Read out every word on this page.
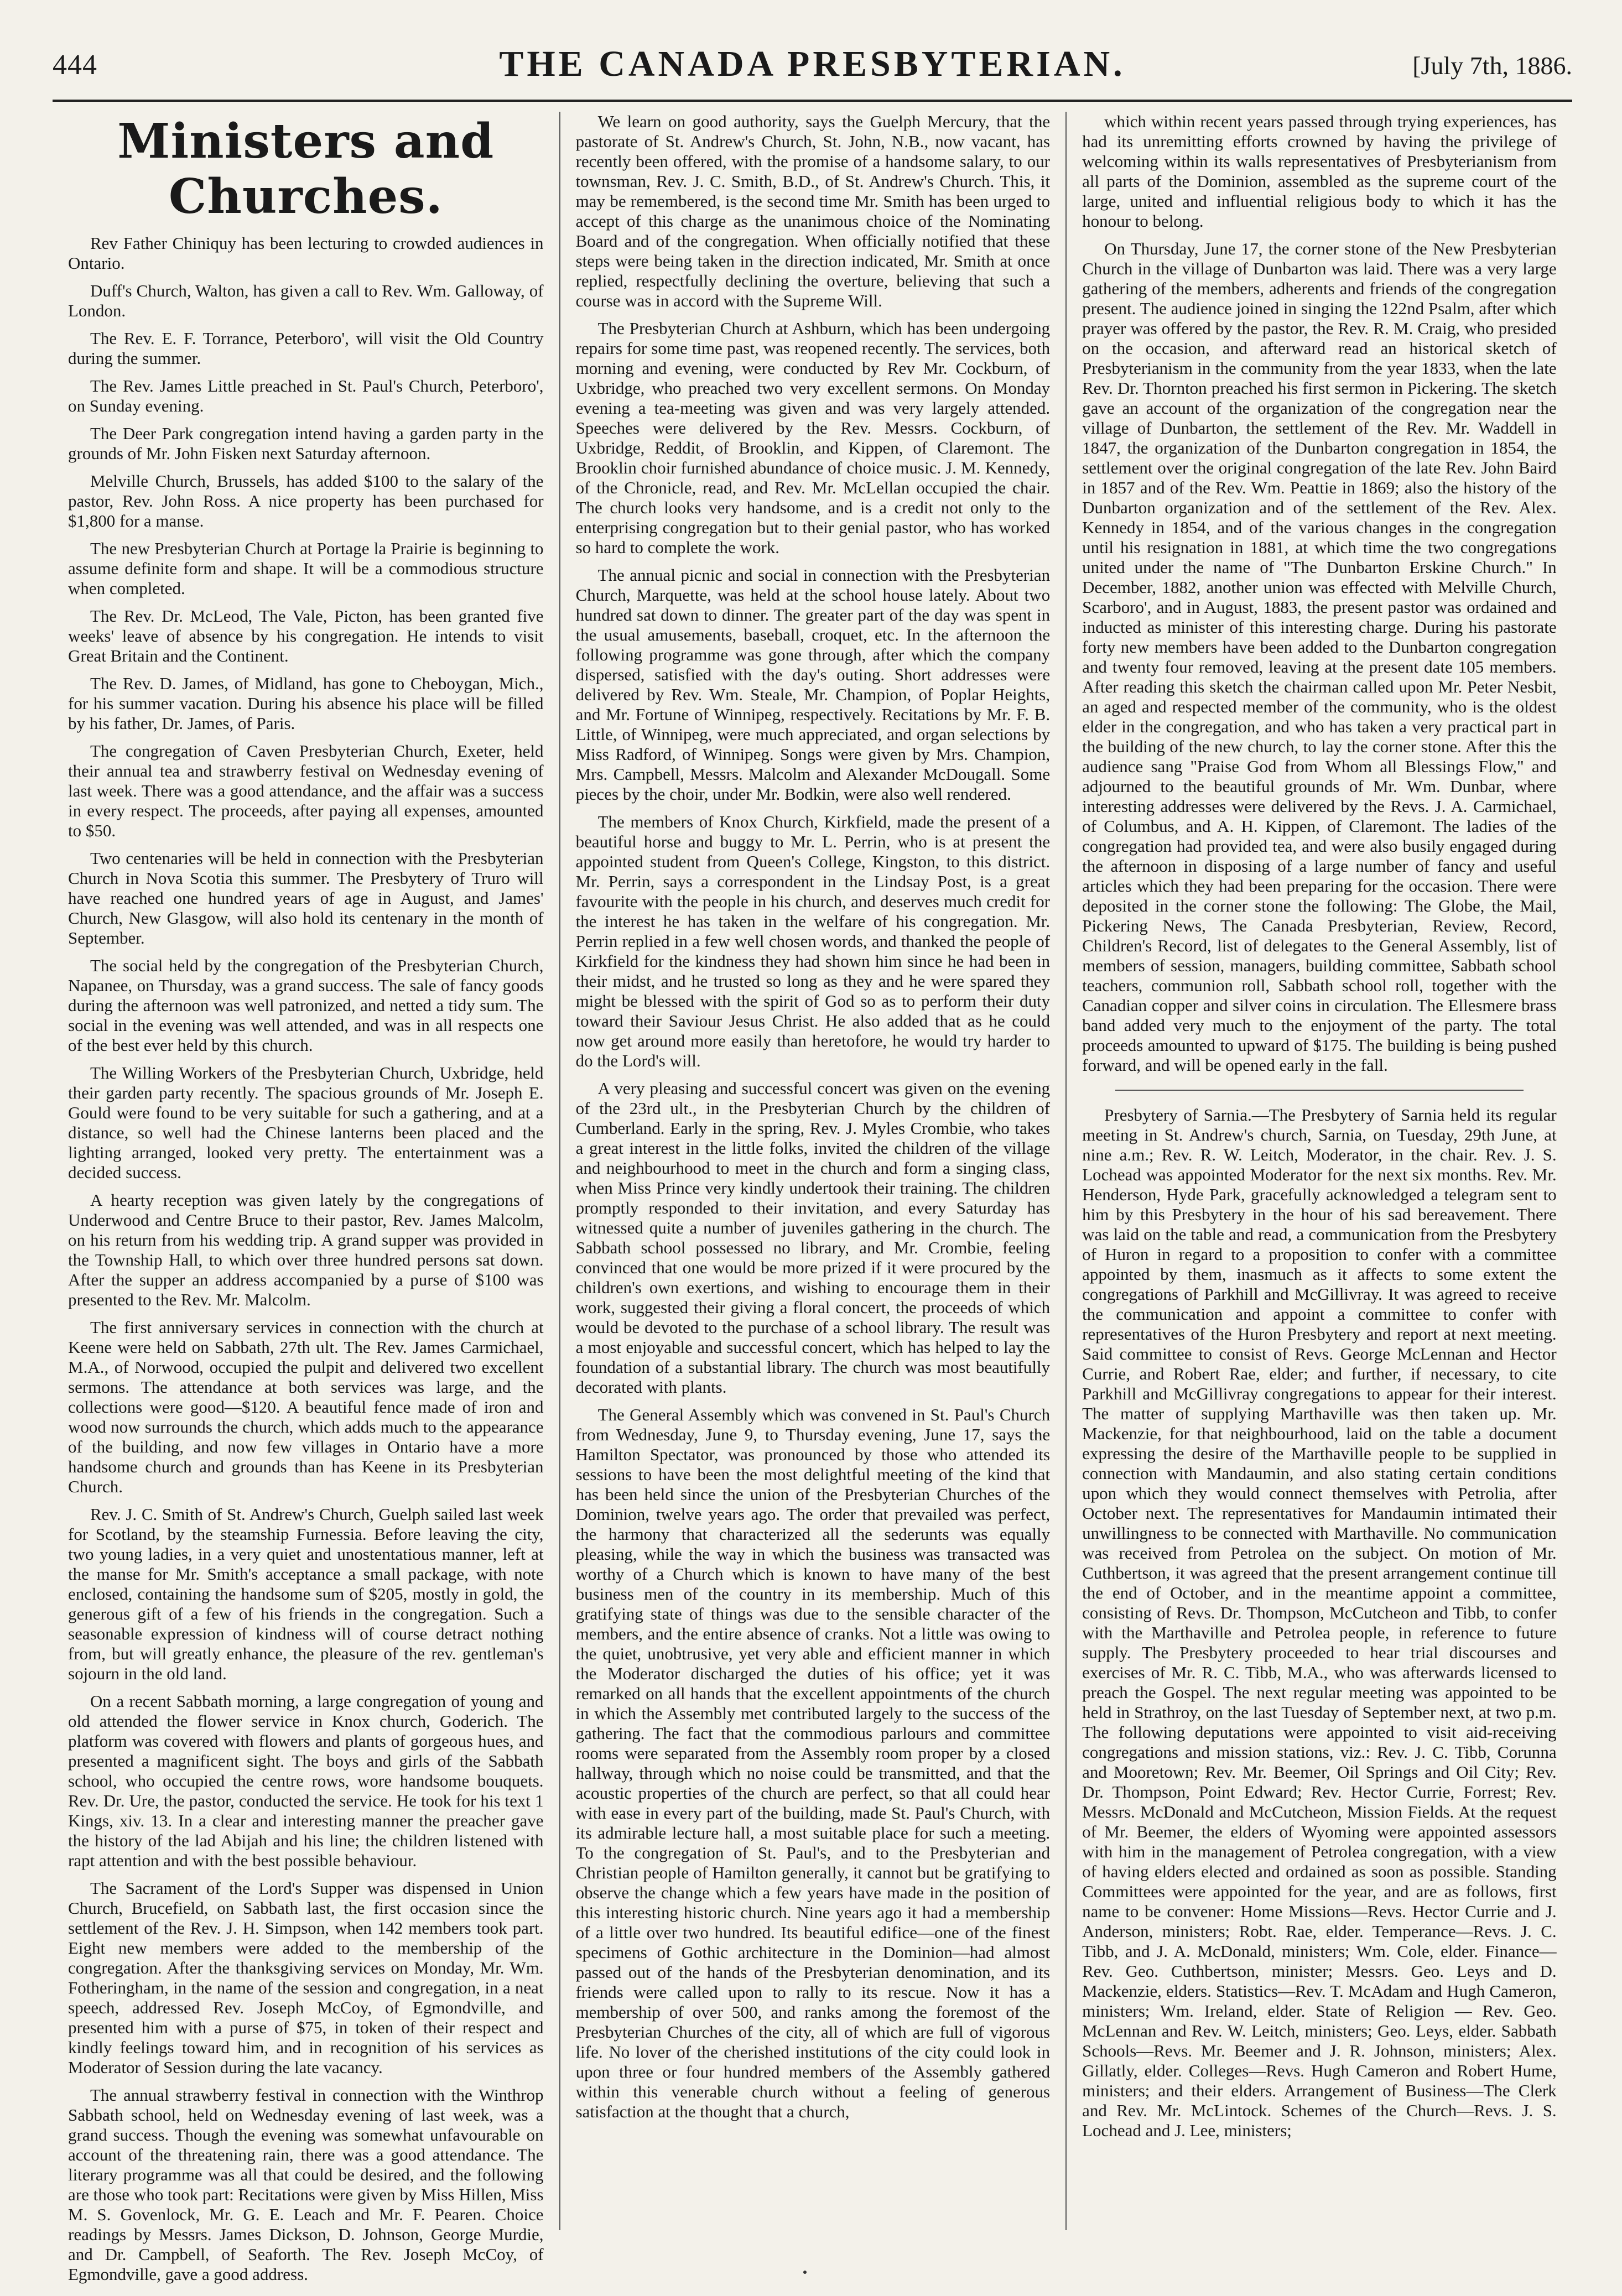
444	THE CANADA PRESBYTERIAN.	[July 7th, 1886.
Ministers and Churches.

Rev Father Chiniquy has been lecturing to crowded audiences in Ontario.

Duff's Church, Walton, has given a call to Rev. Wm. Galloway, of London.

The Rev. E. F. Torrance, Peterboro', will visit the Old Country during the summer.

The Rev. James Little preached in St. Paul's Church, Peterboro', on Sunday evening.

The Deer Park congregation intend having a garden party in the grounds of Mr. John Fisken next Saturday afternoon.

Melville Church, Brussels, has added $100 to the salary of the pastor, Rev. John Ross. A nice property has been purchased for $1,800 for a manse.

The new Presbyterian Church at Portage la Prairie is beginning to assume definite form and shape. It will be a commodious structure when completed.

The Rev. Dr. McLeod, The Vale, Picton, has been granted five weeks' leave of absence by his congregation. He intends to visit Great Britain and the Continent.

The Rev. D. James, of Midland, has gone to Cheboygan, Mich., for his summer vacation. During his absence his place will be filled by his father, Dr. James, of Paris.

The congregation of Caven Presbyterian Church, Exeter, held their annual tea and strawberry festival on Wednesday evening of last week. There was a good attendance, and the affair was a success in every respect. The proceeds, after paying all expenses, amounted to $50.

Two centenaries will be held in connection with the Presbyterian Church in Nova Scotia this summer. The Presbytery of Truro will have reached one hundred years of age in August, and James' Church, New Glasgow, will also hold its centenary in the month of September.

The social held by the congregation of the Presbyterian Church, Napanee, on Thursday, was a grand success. The sale of fancy goods during the afternoon was well patronized, and netted a tidy sum. The social in the evening was well attended, and was in all respects one of the best ever held by this church.

The Willing Workers of the Presbyterian Church, Uxbridge, held their garden party recently. The spacious grounds of Mr. Joseph E. Gould were found to be very suitable for such a gathering, and at a distance, so well had the Chinese lanterns been placed and the lighting arranged, looked very pretty. The entertainment was a decided success.

A hearty reception was given lately by the congregations of Underwood and Centre Bruce to their pastor, Rev. James Malcolm, on his return from his wedding trip. A grand supper was provided in the Township Hall, to which over three hundred persons sat down. After the supper an address accompanied by a purse of $100 was presented to the Rev. Mr. Malcolm.

The first anniversary services in connection with the church at Keene were held on Sabbath, 27th ult. The Rev. James Carmichael, M.A., of Norwood, occupied the pulpit and delivered two excellent sermons. The attendance at both services was large, and the collections were good—$120. A beautiful fence made of iron and wood now surrounds the church, which adds much to the appearance of the building, and now few villages in Ontario have a more handsome church and grounds than has Keene in its Presbyterian Church.

Rev. J. C. Smith of St. Andrew's Church, Guelph sailed last week for Scotland, by the steamship Furnessia. Before leaving the city, two young ladies, in a very quiet and unostentatious manner, left at the manse for Mr. Smith's acceptance a small package, with note enclosed, containing the handsome sum of $205, mostly in gold, the generous gift of a few of his friends in the congregation. Such a seasonable expression of kindness will of course detract nothing from, but will greatly enhance, the pleasure of the rev. gentleman's sojourn in the old land.

On a recent Sabbath morning, a large congregation of young and old attended the flower service in Knox church, Goderich. The platform was covered with flowers and plants of gorgeous hues, and presented a magnificent sight. The boys and girls of the Sabbath school, who occupied the centre rows, wore handsome bouquets. Rev. Dr. Ure, the pastor, conducted the service. He took for his text 1 Kings, xiv. 13. In a clear and interesting manner the preacher gave the history of the lad Abijah and his line; the children listened with rapt attention and with the best possible behaviour.

The Sacrament of the Lord's Supper was dispensed in Union Church, Brucefield, on Sabbath last, the first occasion since the settlement of the Rev. J. H. Simpson, when 142 members took part. Eight new members were added to the membership of the congregation. After the thanksgiving services on Monday, Mr. Wm. Fotheringham, in the name of the session and congregation, in a neat speech, addressed Rev. Joseph McCoy, of Egmondville, and presented him with a purse of $75, in token of their respect and kindly feelings toward him, and in recognition of his services as Moderator of Session during the late vacancy.

The annual strawberry festival in connection with the Winthrop Sabbath school, held on Wednesday evening of last week, was a grand success. Though the evening was somewhat unfavourable on account of the threatening rain, there was a good attendance. The literary programme was all that could be desired, and the following are those who took part: Recitations were given by Miss Hillen, Miss M. S. Govenlock, Mr. G. E. Leach and Mr. F. Pearen. Choice readings by Messrs. James Dickson, D. Johnson, George Murdie, and Dr. Campbell, of Seaforth. The Rev. Joseph McCoy, of Egmondville, gave a good address.

We learn on good authority, says the Guelph Mercury, that the pastorate of St. Andrew's Church, St. John, N.B., now vacant, has recently been offered, with the promise of a handsome salary, to our townsman, Rev. J. C. Smith, B.D., of St. Andrew's Church. This, it may be remembered, is the second time Mr. Smith has been urged to accept of this charge as the unanimous choice of the Nominating Board and of the congregation. When officially notified that these steps were being taken in the direction indicated, Mr. Smith at once replied, respectfully declining the overture, believing that such a course was in accord with the Supreme Will.

The Presbyterian Church at Ashburn, which has been undergoing repairs for some time past, was reopened recently. The services, both morning and evening, were conducted by Rev Mr. Cockburn, of Uxbridge, who preached two very excellent sermons. On Monday evening a tea-meeting was given and was very largely attended. Speeches were delivered by the Rev. Messrs. Cockburn, of Uxbridge, Reddit, of Brooklin, and Kippen, of Claremont. The Brooklin choir furnished abundance of choice music. J. M. Kennedy, of the Chronicle, read, and Rev. Mr. McLellan occupied the chair. The church looks very handsome, and is a credit not only to the enterprising congregation but to their genial pastor, who has worked so hard to complete the work.

The annual picnic and social in connection with the Presbyterian Church, Marquette, was held at the school house lately. About two hundred sat down to dinner. The greater part of the day was spent in the usual amusements, baseball, croquet, etc. In the afternoon the following programme was gone through, after which the company dispersed, satisfied with the day's outing. Short addresses were delivered by Rev. Wm. Steale, Mr. Champion, of Poplar Heights, and Mr. Fortune of Winnipeg, respectively. Recitations by Mr. F. B. Little, of Winnipeg, were much appreciated, and organ selections by Miss Radford, of Winnipeg. Songs were given by Mrs. Champion, Mrs. Campbell, Messrs. Malcolm and Alexander McDougall. Some pieces by the choir, under Mr. Bodkin, were also well rendered.

The members of Knox Church, Kirkfield, made the present of a beautiful horse and buggy to Mr. L. Perrin, who is at present the appointed student from Queen's College, Kingston, to this district. Mr. Perrin, says a correspondent in the Lindsay Post, is a great favourite with the people in his church, and deserves much credit for the interest he has taken in the welfare of his congregation. Mr. Perrin replied in a few well chosen words, and thanked the people of Kirkfield for the kindness they had shown him since he had been in their midst, and he trusted so long as they and he were spared they might be blessed with the spirit of God so as to perform their duty toward their Saviour Jesus Christ. He also added that as he could now get around more easily than heretofore, he would try harder to do the Lord's will.

A very pleasing and successful concert was given on the evening of the 23rd ult., in the Presbyterian Church by the children of Cumberland. Early in the spring, Rev. J. Myles Crombie, who takes a great interest in the little folks, invited the children of the village and neighbourhood to meet in the church and form a singing class, when Miss Prince very kindly undertook their training. The children promptly responded to their invitation, and every Saturday has witnessed quite a number of juveniles gathering in the church. The Sabbath school possessed no library, and Mr. Crombie, feeling convinced that one would be more prized if it were procured by the children's own exertions, and wishing to encourage them in their work, suggested their giving a floral concert, the proceeds of which would be devoted to the purchase of a school library. The result was a most enjoyable and successful concert, which has helped to lay the foundation of a substantial library. The church was most beautifully decorated with plants.

The General Assembly which was convened in St. Paul's Church from Wednesday, June 9, to Thursday evening, June 17, says the Hamilton Spectator, was pronounced by those who attended its sessions to have been the most delightful meeting of the kind that has been held since the union of the Presbyterian Churches of the Dominion, twelve years ago. The order that prevailed was perfect, the harmony that characterized all the sederunts was equally pleasing, while the way in which the business was transacted was worthy of a Church which is known to have many of the best business men of the country in its membership. Much of this gratifying state of things was due to the sensible character of the members, and the entire absence of cranks. Not a little was owing to the quiet, unobtrusive, yet very able and efficient manner in which the Moderator discharged the duties of his office; yet it was remarked on all hands that the excellent appointments of the church in which the Assembly met contributed largely to the success of the gathering. The fact that the commodious parlours and committee rooms were separated from the Assembly room proper by a closed hallway, through which no noise could be transmitted, and that the acoustic properties of the church are perfect, so that all could hear with ease in every part of the building, made St. Paul's Church, with its admirable lecture hall, a most suitable place for such a meeting. To the congregation of St. Paul's, and to the Presbyterian and Christian people of Hamilton generally, it cannot but be gratifying to observe the change which a few years have made in the position of this interesting historic church. Nine years ago it had a membership of a little over two hundred. Its beautiful edifice—one of the finest specimens of Gothic architecture in the Dominion—had almost passed out of the hands of the Presbyterian denomination, and its friends were called upon to rally to its rescue. Now it has a membership of over 500, and ranks among the foremost of the Presbyterian Churches of the city, all of which are full of vigorous life. No lover of the cherished institutions of the city could look in upon three or four hundred members of the Assembly gathered within this venerable church without a feeling of generous satisfaction at the thought that a church,

which within recent years passed through trying experiences, has had its unremitting efforts crowned by having the privilege of welcoming within its walls representatives of Presbyterianism from all parts of the Dominion, assembled as the supreme court of the large, united and influential religious body to which it has the honour to belong.

On Thursday, June 17, the corner stone of the New Presbyterian Church in the village of Dunbarton was laid. There was a very large gathering of the members, adherents and friends of the congregation present. The audience joined in singing the 122nd Psalm, after which prayer was offered by the pastor, the Rev. R. M. Craig, who presided on the occasion, and afterward read an historical sketch of Presbyterianism in the community from the year 1833, when the late Rev. Dr. Thornton preached his first sermon in Pickering. The sketch gave an account of the organization of the congregation near the village of Dunbarton, the settlement of the Rev. Mr. Waddell in 1847, the organization of the Dunbarton congregation in 1854, the settlement over the original congregation of the late Rev. John Baird in 1857 and of the Rev. Wm. Peattie in 1869; also the history of the Dunbarton organization and of the settlement of the Rev. Alex. Kennedy in 1854, and of the various changes in the congregation until his resignation in 1881, at which time the two congregations united under the name of "The Dunbarton Erskine Church." In December, 1882, another union was effected with Melville Church, Scarboro', and in August, 1883, the present pastor was ordained and inducted as minister of this interesting charge. During his pastorate forty new members have been added to the Dunbarton congregation and twenty four removed, leaving at the present date 105 members. After reading this sketch the chairman called upon Mr. Peter Nesbit, an aged and respected member of the community, who is the oldest elder in the congregation, and who has taken a very practical part in the building of the new church, to lay the corner stone. After this the audience sang "Praise God from Whom all Blessings Flow," and adjourned to the beautiful grounds of Mr. Wm. Dunbar, where interesting addresses were delivered by the Revs. J. A. Carmichael, of Columbus, and A. H. Kippen, of Claremont. The ladies of the congregation had provided tea, and were also busily engaged during the afternoon in disposing of a large number of fancy and useful articles which they had been preparing for the occasion. There were deposited in the corner stone the following: The Globe, the Mail, Pickering News, The Canada Presbyterian, Review, Record, Children's Record, list of delegates to the General Assembly, list of members of session, managers, building committee, Sabbath school teachers, communion roll, Sabbath school roll, together with the Canadian copper and silver coins in circulation. The Ellesmere brass band added very much to the enjoyment of the party. The total proceeds amounted to upward of $175. The building is being pushed forward, and will be opened early in the fall.

Presbytery of Sarnia.—The Presbytery of Sarnia held its regular meeting in St. Andrew's church, Sarnia, on Tuesday, 29th June, at nine a.m.; Rev. R. W. Leitch, Moderator, in the chair. Rev. J. S. Lochead was appointed Moderator for the next six months. Rev. Mr. Henderson, Hyde Park, gracefully acknowledged a telegram sent to him by this Presbytery in the hour of his sad bereavement. There was laid on the table and read, a communication from the Presbytery of Huron in regard to a proposition to confer with a committee appointed by them, inasmuch as it affects to some extent the congregations of Parkhill and McGillivray. It was agreed to receive the communication and appoint a committee to confer with representatives of the Huron Presbytery and report at next meeting. Said committee to consist of Revs. George McLennan and Hector Currie, and Robert Rae, elder; and further, if necessary, to cite Parkhill and McGillivray congregations to appear for their interest. The matter of supplying Marthaville was then taken up. Mr. Mackenzie, for that neighbourhood, laid on the table a document expressing the desire of the Marthaville people to be supplied in connection with Mandaumin, and also stating certain conditions upon which they would connect themselves with Petrolia, after October next. The representatives for Mandaumin intimated their unwillingness to be connected with Marthaville. No communication was received from Petrolea on the subject. On motion of Mr. Cuthbertson, it was agreed that the present arrangement continue till the end of October, and in the meantime appoint a committee, consisting of Revs. Dr. Thompson, McCutcheon and Tibb, to confer with the Marthaville and Petrolea people, in reference to future supply. The Presbytery proceeded to hear trial discourses and exercises of Mr. R. C. Tibb, M.A., who was afterwards licensed to preach the Gospel. The next regular meeting was appointed to be held in Strathroy, on the last Tuesday of September next, at two p.m. The following deputations were appointed to visit aid-receiving congregations and mission stations, viz.: Rev. J. C. Tibb, Corunna and Mooretown; Rev. Mr. Beemer, Oil Springs and Oil City; Rev. Dr. Thompson, Point Edward; Rev. Hector Currie, Forrest; Rev. Messrs. McDonald and McCutcheon, Mission Fields. At the request of Mr. Beemer, the elders of Wyoming were appointed assessors with him in the management of Petrolea congregation, with a view of having elders elected and ordained as soon as possible. Standing Committees were appointed for the year, and are as follows, first name to be convener: Home Missions—Revs. Hector Currie and J. Anderson, ministers; Robt. Rae, elder. Temperance—Revs. J. C. Tibb, and J. A. McDonald, ministers; Wm. Cole, elder. Finance—Rev. Geo. Cuthbertson, minister; Messrs. Geo. Leys and D. Mackenzie, elders. Statistics—Rev. T. McAdam and Hugh Cameron, ministers; Wm. Ireland, elder. State of Religion — Rev. Geo. McLennan and Rev. W. Leitch, ministers; Geo. Leys, elder. Sabbath Schools—Revs. Mr. Beemer and J. R. Johnson, ministers; Alex. Gillatly, elder. Colleges—Revs. Hugh Cameron and Robert Hume, ministers; and their elders. Arrangement of Business—The Clerk and Rev. Mr. McLintock. Schemes of the Church—Revs. J. S. Lochead and J. Lee, ministers;
